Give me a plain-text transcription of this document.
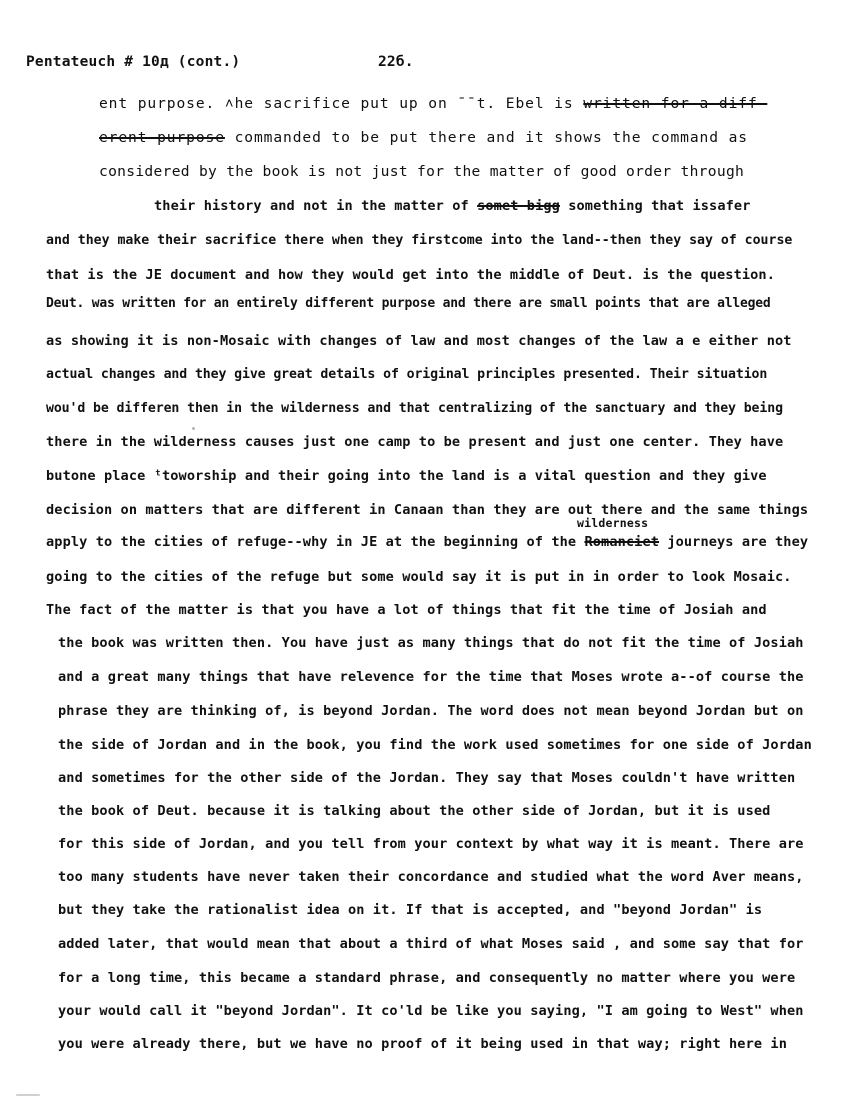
Pentateuch # 10д (cont.)	22б.
ent purpose. ˄he sacrifice put up on ˉˉt. Ebel is written-for-a-diff-
erent-purpose commanded to be put there and it shows the command as
considered by the book is not just for the matter of good order through
their history and not in the matter of somet-bigg something that issafer
and they make their sacrifice there when they firstcome into the land--then they say of course
that is the JE document and how they would get into the middle of Deut. is the question.
Deut. was written for an entirely different purpose and there are small points that are alleged
as showing it is non-Mosaic with changes of law and most changes of the law a e either not
actual changes and they give great details of original principles presented. Their situation
wou'd be differen then in the wilderness and that centralizing of the sanctuary and they being
there in the wilderness causes just one camp to be present and just one center. They have
butone place ᵗtoworship and their going into the land is a vital question and they give
decision on matters that are different in Canaan than they are out there and the same things
wilderness
apply to the cities of refuge--why in JE at the beginning of the Romanciet journeys are they
going to the cities of the refuge but some would say it is put in in order to look Mosaic.
The fact of the matter is that you have a lot of things that fit the time of Josiah and
the book was written then. You have just as many things that do not fit the time of Josiah
and a great many things that have relevence for the time that Moses wrote a--of course the
phrase they are thinking of, is beyond Jordan. The word does not mean beyond Jordan but on
the side of Jordan and in the book, you find the work used sometimes for one side of Jordan
and sometimes for the other side of the Jordan. They say that Moses couldn't have written
the book of Deut. because it is talking about the other side of Jordan, but it is used
for this side of Jordan, and you tell from your context by what way it is meant. There are
too many students have never taken their concordance and studied what the word Aver means,
but they take the rationalist idea on it. If that is accepted, and "beyond Jordan" is
added later, that would mean that about a third of what Moses said , and some say that for
for a long time, this became a standard phrase, and consequently no matter where you were
your would call it "beyond Jordan". It co'ld be like you saying, "I am going to West" when
you were already there, but we have no proof of it being used in that way; right here in
